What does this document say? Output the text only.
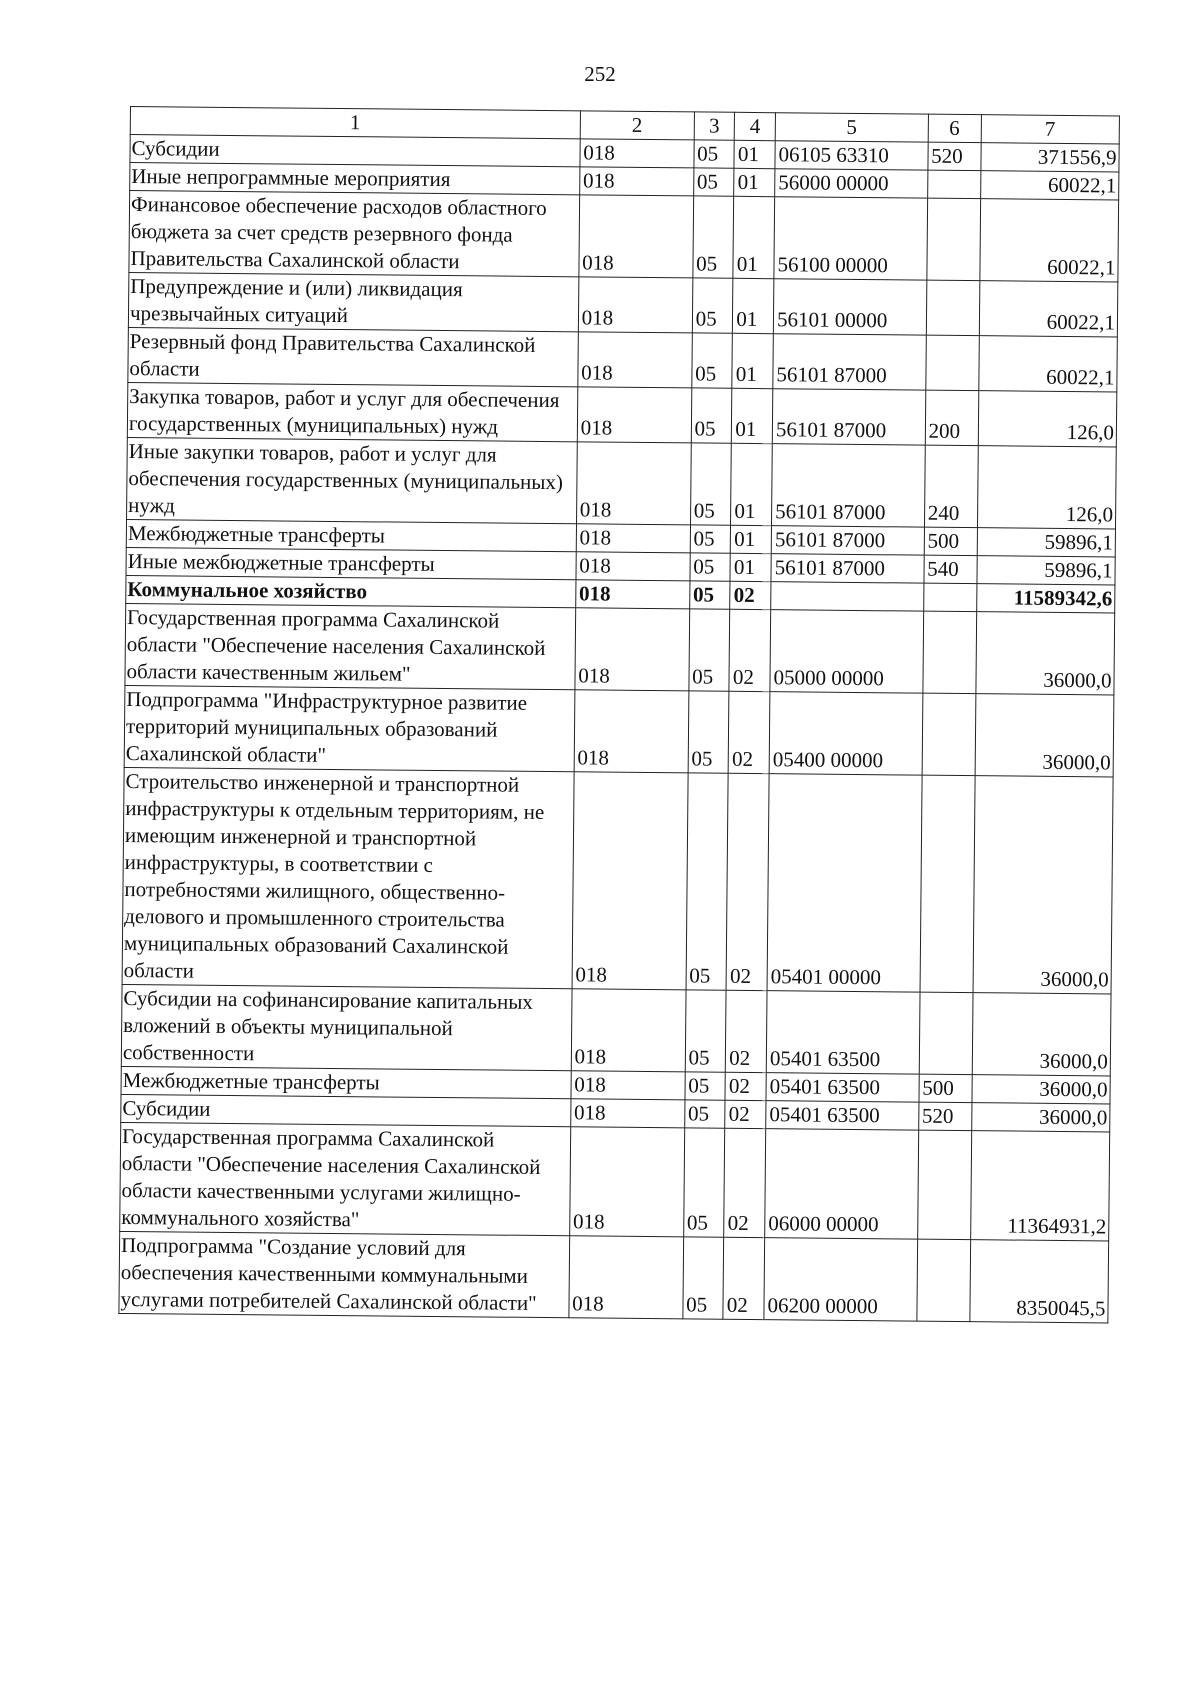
252
1	2	3	4	5	6	7
Субсидии	018	05	01	06105 63310	520	371556,9
Иные непрограммные мероприятия	018	05	01	56000 00000		60022,1
Финансовое обеспечение расходов областного бюджета за счет средств резервного фонда Правительства Сахалинской области	018	05	01	56100 00000		60022,1
Предупреждение и (или) ликвидация чрезвычайных ситуаций	018	05	01	56101 00000		60022,1
Резервный фонд Правительства Сахалинской области	018	05	01	56101 87000		60022,1
Закупка товаров, работ и услуг для обеспечения государственных (муниципальных) нужд	018	05	01	56101 87000	200	126,0
Иные закупки товаров, работ и услуг для обеспечения государственных (муниципальных) нужд	018	05	01	56101 87000	240	126,0
Межбюджетные трансферты	018	05	01	56101 87000	500	59896,1
Иные межбюджетные трансферты	018	05	01	56101 87000	540	59896,1
Коммунальное хозяйство	018	05	02			11589342,6
Государственная программа Сахалинской области "Обеспечение населения Сахалинской области качественным жильем"	018	05	02	05000 00000		36000,0
Подпрограмма "Инфраструктурное развитие территорий муниципальных образований Сахалинской области"	018	05	02	05400 00000		36000,0
Строительство инженерной и транспортной инфраструктуры к отдельным территориям, не имеющим инженерной и транспортной инфраструктуры, в соответствии с потребностями жилищного, общественно-делового и промышленного строительства муниципальных образований Сахалинской области	018	05	02	05401 00000		36000,0
Субсидии на софинансирование капитальных вложений в объекты муниципальной собственности	018	05	02	05401 63500		36000,0
Межбюджетные трансферты	018	05	02	05401 63500	500	36000,0
Субсидии	018	05	02	05401 63500	520	36000,0
Государственная программа Сахалинской области "Обеспечение населения Сахалинской области качественными услугами жилищно-коммунального хозяйства"	018	05	02	06000 00000		11364931,2
Подпрограмма "Создание условий для обеспечения качественными коммунальными услугами потребителей Сахалинской области"	018	05	02	06200 00000		8350045,5
